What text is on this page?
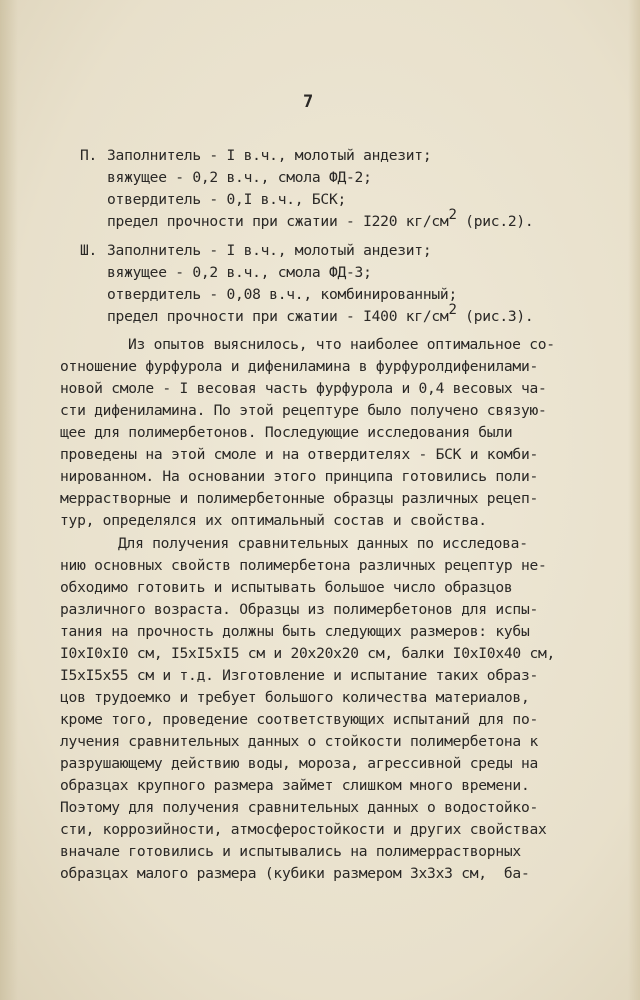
7
П. Заполнитель - I в.ч., молотый андезит;
вяжущее - 0,2 в.ч., смола ФД-2;
отвердитель - 0,I в.ч., БСК;
предел прочности при сжатии - I220 кг/см2 (рис.2).
Ш. Заполнитель - I в.ч., молотый андезит;
вяжущее - 0,2 в.ч., смола ФД-3;
отвердитель - 0,08 в.ч., комбинированный;
предел прочности при сжатии - I400 кг/см2 (рис.3).
Из опытов выяснилось, что наиболее оптимальное со-
отношение фурфурола и дифениламина в фурфуролдифенилами-
новой смоле - I весовая часть фурфурола и 0,4 весовых ча-
сти дифениламина. По этой рецептуре было получено связую-
щее для полимербетонов. Последующие исследования были
проведены на этой смоле и на отвердителях - БСК и комби-
нированном. На основании этого принципа готовились поли-
мерраcтворные и полимербетонные образцы различных рецеп-
тур, определялся их оптимальный состав и свойства.
Для получения сравнительных данных по исследова-
нию основных свойств полимербетона различных рецептур не-
обходимо готовить и испытывать большое число образцов
различного возраста. Образцы из полимербетонов для испы-
тания на прочность должны быть следующих размеров: кубы
I0xI0xI0 см, I5xI5xI5 см и 20x20x20 см, балки I0xI0x40 см,
I5xI5x55 см и т.д. Изготовление и испытание таких образ-
цов трудоемко и требует большого количества материалов,
кроме того, проведение соответствующих испытаний для по-
лучения сравнительных данных о стойкости полимербетона к
разрушающему действию воды, мороза, агрессивной среды на
образцах крупного размера займет слишком много времени.
Поэтому для получения сравнительных данных о водостойко-
сти, коррозийности, атмосферостойкости и других свойствах
вначале готовились и испытывались на полимеррастворных
образцах малого размера (кубики размером 3x3x3 см,  ба-
